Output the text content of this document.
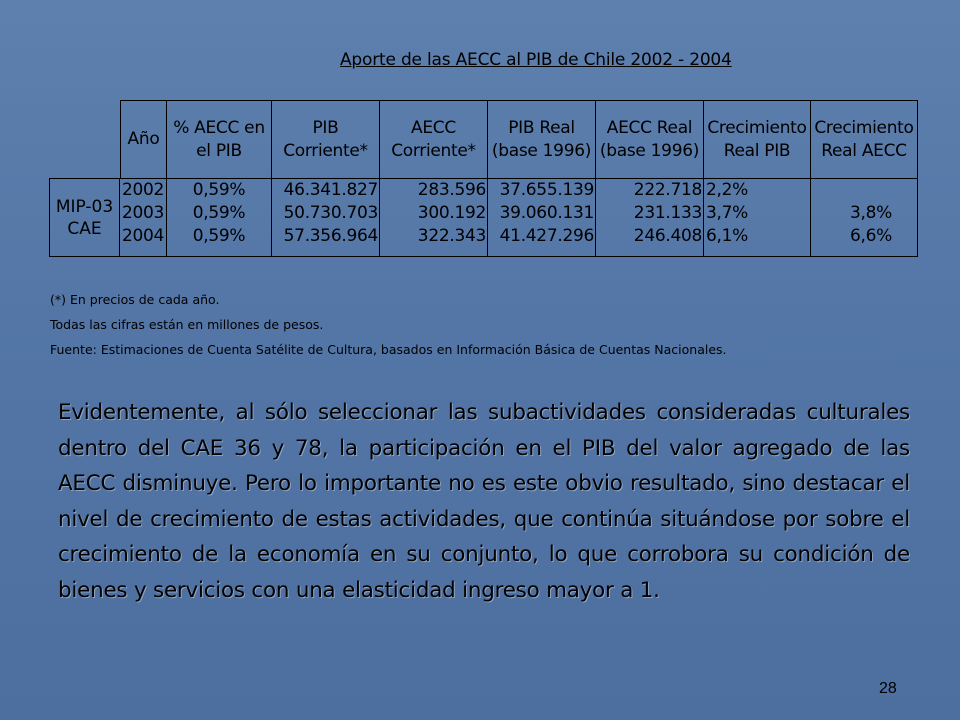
Aporte de las AECC al PIB de Chile 2002 - 2004
Año
% AECC en
el PIB
PIB
Corriente*
AECC
Corriente*
PIB Real
(base 1996)
AECC Real
(base 1996)
Crecimiento
Real PIB
Crecimiento
Real AECC
MIP-03
CAE
2002
2003
2004
0,59%
0,59%
0,59%
46.341.827
50.730.703
57.356.964
283.596
300.192
322.343
37.655.139
39.060.131
41.427.296
222.718
231.133
246.408
2,2%
3,7%
6,1%
3,8%
6,6%
(*) En precios de cada año.
Todas las cifras están en millones de pesos.
Fuente: Estimaciones de Cuenta Satélite de Cultura, basados en Información Básica de Cuentas Nacionales.
Evidentemente, al sólo seleccionar las subactividades consideradas culturales dentro del CAE 36 y 78, la participación en el PIB del valor agregado de las AECC disminuye. Pero lo importante no es este obvio resultado, sino destacar el nivel de crecimiento de estas actividades, que continúa situándose por sobre el crecimiento de la economía en su conjunto, lo que corrobora su condición de bienes y servicios con una elasticidad ingreso mayor a 1.
28
